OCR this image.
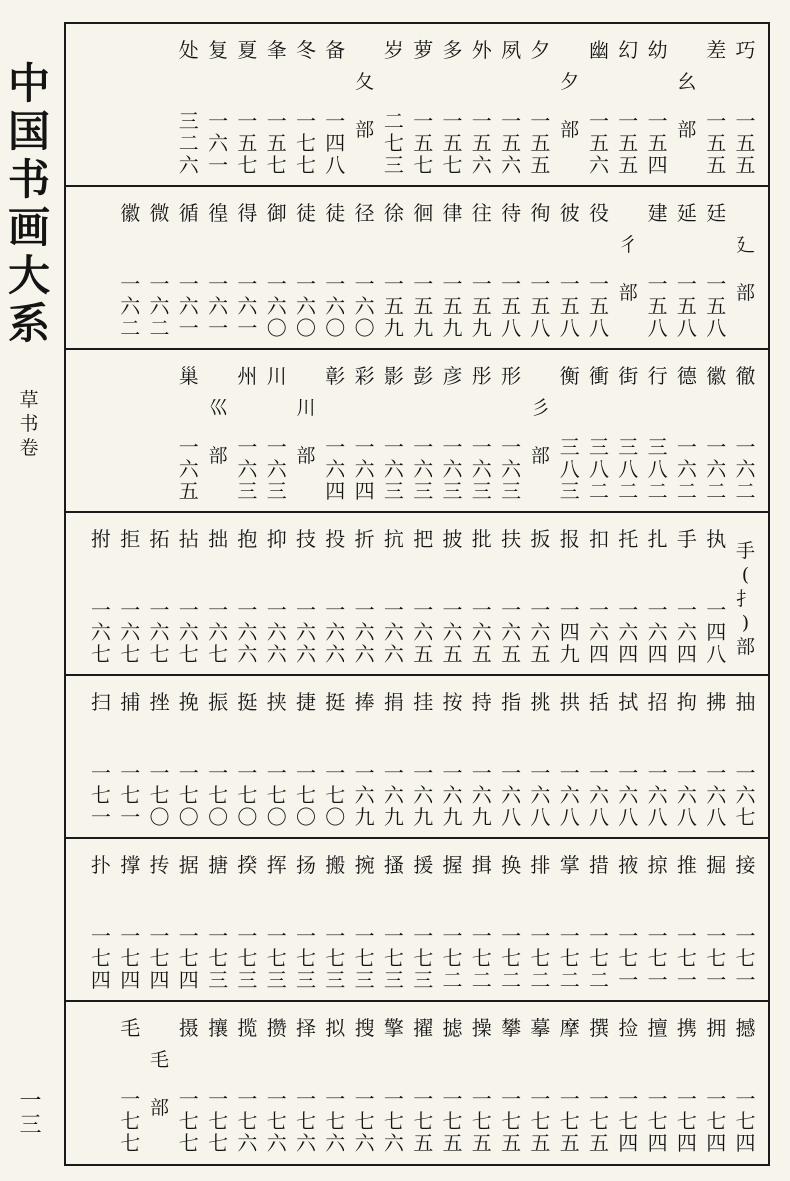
中
国
书
画
大
系
草
书
卷
一三
处
三
二
六
复
一
六
一
夏
一
五
七
夆
一
五
七
冬
一
七
七
备
一
四
八
夂
部
岁
二
七
三
萝
一
五
七
多
一
五
七
外
一
五
六
夙
一
五
六
夕
一
五
五
夕
部
幽
一
五
六
幻
一
五
五
幼
一
五
四
幺
部
差
一
五
五
巧
一
五
五
徽
一
六
二
微
一
六
二
循
一
六
一
徨
一
六
一
得
一
六
一
御
一
六
〇
徒
一
六
〇
徒
一
六
〇
径
一
六
〇
徐
一
五
九
徊
一
五
九
律
一
五
九
往
一
五
九
待
一
五
八
徇
一
五
八
彼
一
五
八
役
一
五
八
彳
部
建
一
五
八
延
一
五
八
廷
一
五
八
廴
部
巢
一
六
五
巛
部
州
一
六
三
川
一
六
三
川
部
彰
一
六
四
彩
一
六
四
影
一
六
三
彭
一
六
三
彦
一
六
三
彤
一
六
三
形
一
六
三
彡
部
衡
三
八
三
衝
三
八
二
街
三
八
二
行
三
八
二
德
一
六
二
徽
一
六
二
徹
一
六
二
拊
一
六
七
拒
一
六
七
拓
一
六
七
拈
一
六
七
拙
一
六
七
抱
一
六
六
抑
一
六
六
技
一
六
六
投
一
六
六
折
一
六
六
抗
一
六
六
把
一
六
五
披
一
六
五
批
一
六
五
扶
一
六
五
扳
一
六
五
报
一
四
九
扣
一
六
四
托
一
六
四
扎
一
六
四
手
一
六
四
执
一
四
八
手
(
扌
)
部
扫
一
七
一
捕
一
七
一
挫
一
七
〇
挽
一
七
〇
振
一
七
〇
挺
一
七
〇
挟
一
七
〇
捷
一
七
〇
挺
一
七
〇
捧
一
六
九
捐
一
六
九
挂
一
六
九
按
一
六
九
持
一
六
九
指
一
六
八
挑
一
六
八
拱
一
六
八
括
一
六
八
拭
一
六
八
招
一
六
八
拘
一
六
八
拂
一
六
八
抽
一
六
七
扑
一
七
四
撑
一
七
四
抟
一
七
四
据
一
七
四
搪
一
七
三
揆
一
七
三
挥
一
七
三
扬
一
七
三
搬
一
七
三
捥
一
七
三
搔
一
七
三
援
一
七
三
握
一
七
二
揖
一
七
二
换
一
七
二
排
一
七
二
掌
一
七
二
措
一
七
二
掖
一
七
一
掠
一
七
一
推
一
七
一
掘
一
七
一
接
一
七
一
毛
一
七
七
毛
部
摄
一
七
七
攘
一
七
七
揽
一
七
六
攒
一
七
六
择
一
七
六
拟
一
七
六
搜
一
七
六
擎
一
七
六
擢
一
七
五
摅
一
七
五
操
一
七
五
攀
一
七
五
摹
一
七
五
摩
一
七
五
撰
一
七
五
捡
一
七
四
擅
一
七
四
携
一
七
四
拥
一
七
四
撼
一
七
四
